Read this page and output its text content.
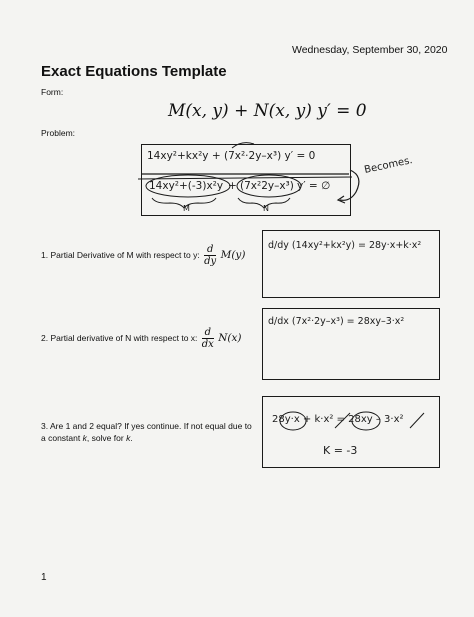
Wednesday, September 30, 2020
Exact Equations Template
Form:
M(x, y) + N(x, y) y′ = 0
Problem:
14xy²+kx²y + (7x²·2y–x³) y′ = 0
14xy²+(-3)x²y + (7x²2y–x³) y′ = ∅
M	N
Becomes.
1. Partial Derivative of M with respect to y: $\frac{d}{dy} M(y)$
d/dy (14xy²+kx²y) = 28y·x+k·x²
2. Partial derivative of N with respect to x: $\frac{d}{dx} N(x)$
d/dx (7x²·2y–x³) = 28xy–3·x²
3. Are 1 and 2 equal? If yes continue. If not equal due to a constant k, solve for k.
28y·x + k·x² = 28xy – 3·x²
K = -3
1
